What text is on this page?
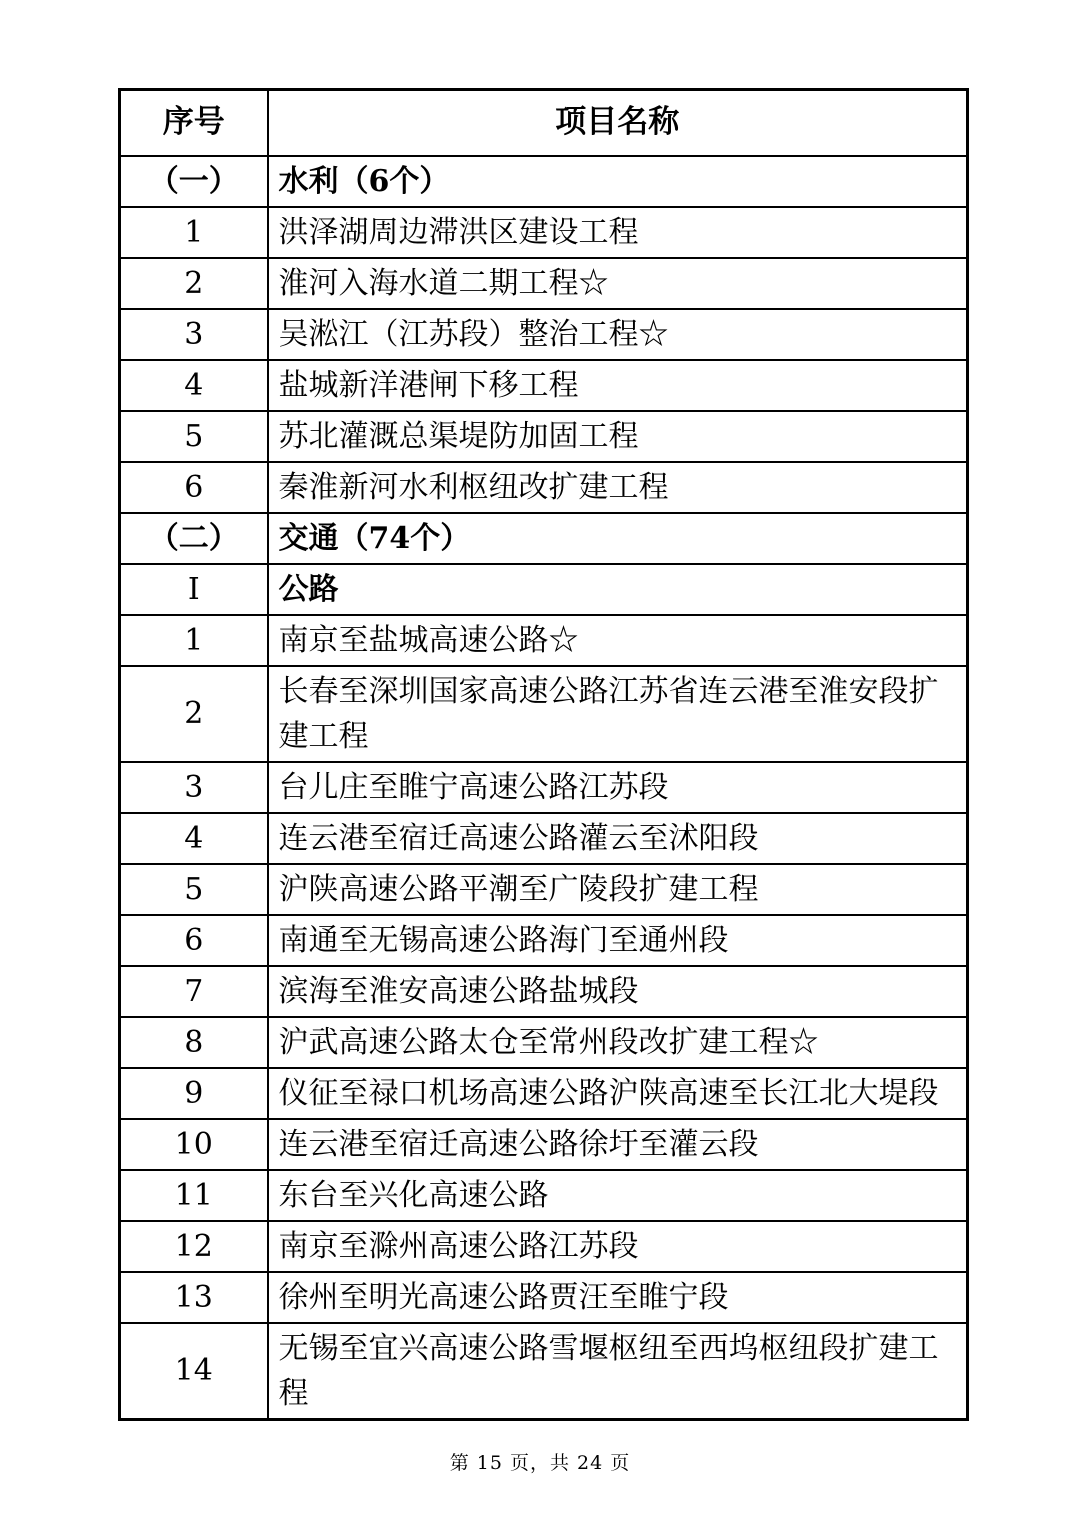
序号	项目名称
（一）	水利（6个）
1	洪泽湖周边滞洪区建设工程
2	淮河入海水道二期工程☆
3	吴淞江（江苏段）整治工程☆
4	盐城新洋港闸下移工程
5	苏北灌溉总渠堤防加固工程
6	秦淮新河水利枢纽改扩建工程
（二）	交通（74个）
I	公路
1	南京至盐城高速公路☆
2	长春至深圳国家高速公路江苏省连云港至淮安段扩建工程
3	台儿庄至睢宁高速公路江苏段
4	连云港至宿迁高速公路灌云至沭阳段
5	沪陕高速公路平潮至广陵段扩建工程
6	南通至无锡高速公路海门至通州段
7	滨海至淮安高速公路盐城段
8	沪武高速公路太仓至常州段改扩建工程☆
9	仪征至禄口机场高速公路沪陕高速至长江北大堤段
10	连云港至宿迁高速公路徐圩至灌云段
11	东台至兴化高速公路
12	南京至滁州高速公路江苏段
13	徐州至明光高速公路贾汪至睢宁段
14	无锡至宜兴高速公路雪堰枢纽至西坞枢纽段扩建工程
第 15 页，共 24 页
